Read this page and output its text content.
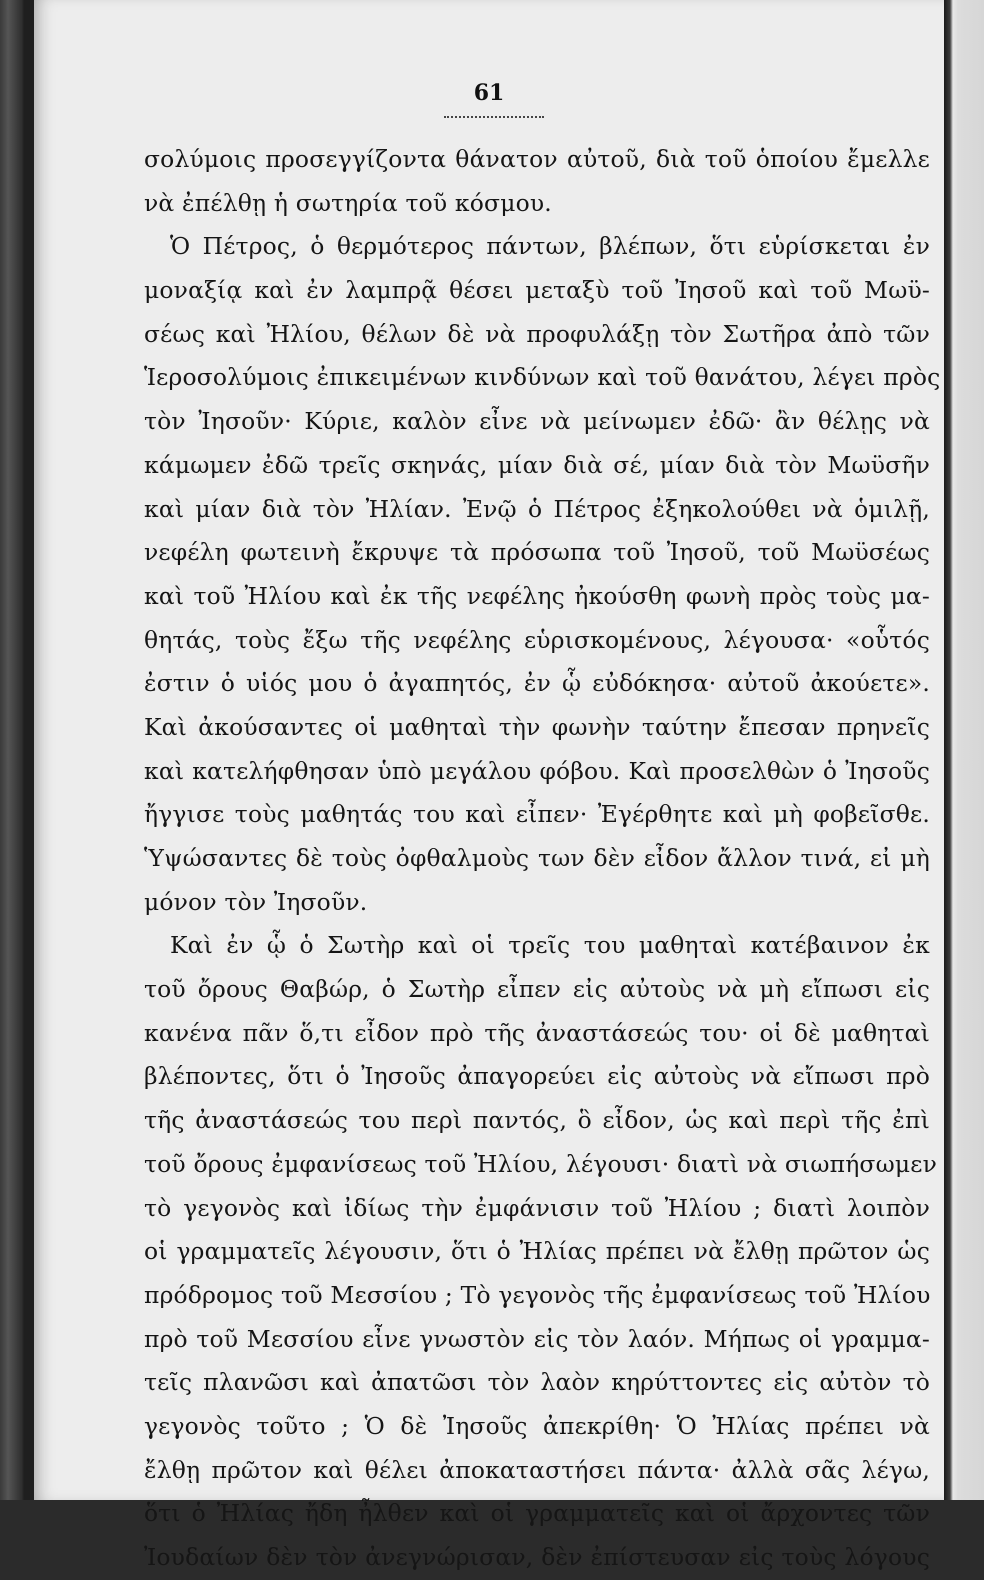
61
σολύμοις προσεγγίζοντα θάνατον αὐτοῦ, διὰ τοῦ ὁποίου ἔμελλε
νὰ ἐπέλθῃ ἡ σωτηρία τοῦ κόσμου.
Ὁ Πέτρος, ὁ θερμότερος πάντων, βλέπων, ὅτι εὑρίσκεται ἐν
μοναξίᾳ καὶ ἐν λαμπρᾷ θέσει μεταξὺ τοῦ Ἰησοῦ καὶ τοῦ Μωϋ-
σέως καὶ Ἠλίου, θέλων δὲ νὰ προφυλάξῃ τὸν Σωτῆρα ἀπὸ τῶν
Ἱεροσολύμοις ἐπικειμένων κινδύνων καὶ τοῦ θανάτου, λέγει πρὸς
τὸν Ἰησοῦν· Κύριε, καλὸν εἶνε νὰ μείνωμεν ἐδῶ· ἂν θέλῃς νὰ
κάμωμεν ἐδῶ τρεῖς σκηνάς, μίαν διὰ σέ, μίαν διὰ τὸν Μωϋσῆν
καὶ μίαν διὰ τὸν Ἠλίαν. Ἐνῷ ὁ Πέτρος ἐξηκολούθει νὰ ὁμιλῇ,
νεφέλη φωτεινὴ ἔκρυψε τὰ πρόσωπα τοῦ Ἰησοῦ, τοῦ Μωϋσέως
καὶ τοῦ Ἠλίου καὶ ἐκ τῆς νεφέλης ἠκούσθη φωνὴ πρὸς τοὺς μα-
θητάς, τοὺς ἔξω τῆς νεφέλης εὑρισκομένους, λέγουσα· «οὗτός
ἐστιν ὁ υἱός μου ὁ ἀγαπητός, ἐν ᾧ εὐδόκησα· αὐτοῦ ἀκούετε».
Καὶ ἀκούσαντες οἱ μαθηταὶ τὴν φωνὴν ταύτην ἔπεσαν πρηνεῖς
καὶ κατελήφθησαν ὑπὸ μεγάλου φόβου. Καὶ προσελθὼν ὁ Ἰησοῦς
ἤγγισε τοὺς μαθητάς του καὶ εἶπεν· Ἐγέρθητε καὶ μὴ φοβεῖσθε.
Ὑψώσαντες δὲ τοὺς ὀφθαλμοὺς των δὲν εἶδον ἄλλον τινά, εἰ μὴ
μόνον τὸν Ἰησοῦν.
Καὶ ἐν ᾧ ὁ Σωτὴρ καὶ οἱ τρεῖς του μαθηταὶ κατέβαινον ἐκ
τοῦ ὄρους Θαβώρ, ὁ Σωτὴρ εἶπεν εἰς αὐτοὺς νὰ μὴ εἴπωσι εἰς
κανένα πᾶν ὅ,τι εἶδον πρὸ τῆς ἀναστάσεώς του· οἱ δὲ μαθηταὶ
βλέποντες, ὅτι ὁ Ἰησοῦς ἀπαγορεύει εἰς αὐτοὺς νὰ εἴπωσι πρὸ
τῆς ἀναστάσεώς του περὶ παντός, ὃ εἶδον, ὡς καὶ περὶ τῆς ἐπὶ
τοῦ ὄρους ἐμφανίσεως τοῦ Ἠλίου, λέγουσι· διατὶ νὰ σιωπήσωμεν
τὸ γεγονὸς καὶ ἰδίως τὴν ἐμφάνισιν τοῦ Ἠλίου ; διατὶ λοιπὸν
οἱ γραμματεῖς λέγουσιν, ὅτι ὁ Ἠλίας πρέπει νὰ ἔλθῃ πρῶτον ὡς
πρόδρομος τοῦ Μεσσίου ; Τὸ γεγονὸς τῆς ἐμφανίσεως τοῦ Ἠλίου
πρὸ τοῦ Μεσσίου εἶνε γνωστὸν εἰς τὸν λαόν. Μήπως οἱ γραμμα-
τεῖς πλανῶσι καὶ ἀπατῶσι τὸν λαὸν κηρύττοντες εἰς αὐτὸν τὸ
γεγονὸς τοῦτο ; Ὁ δὲ Ἰησοῦς ἀπεκρίθη· Ὁ Ἠλίας πρέπει νὰ
ἔλθῃ πρῶτον καὶ θέλει ἀποκαταστήσει πάντα· ἀλλὰ σᾶς λέγω,
ὅτι ὁ Ἠλίας ἤδη ἦλθεν καὶ οἱ γραμματεῖς καὶ οἱ ἄρχοντες τῶν
Ἰουδαίων δὲν τὸν ἀνεγνώρισαν, δὲν ἐπίστευσαν εἰς τοὺς λόγους
